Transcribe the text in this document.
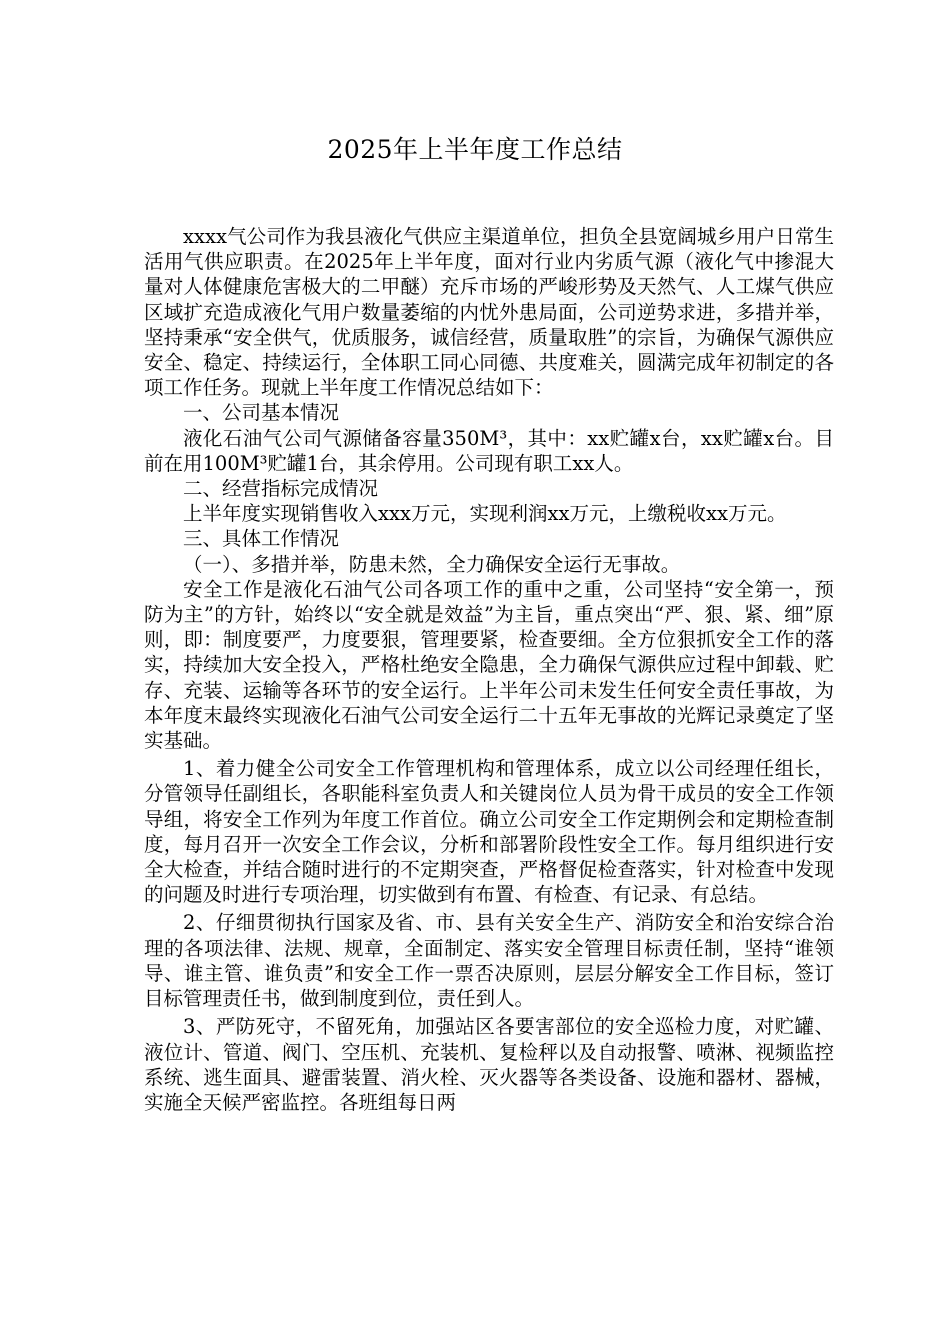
2025年上半年度工作总结

xxxx气公司作为我县液化气供应主渠道单位，担负全县宽阔城乡用户日常生活用气供应职责。在2025年上半年度，面对行业内劣质气源（液化气中掺混大量对人体健康危害极大的二甲醚）充斥市场的严峻形势及天然气、人工煤气供应区域扩充造成液化气用户数量萎缩的内忧外患局面，公司逆势求进，多措并举，坚持秉承“安全供气，优质服务，诚信经营，质量取胜”的宗旨，为确保气源供应安全、稳定、持续运行，全体职工同心同德、共度难关，圆满完成年初制定的各项工作任务。现就上半年度工作情况总结如下：

一、公司基本情况

液化石油气公司气源储备容量350M³，其中：xx贮罐x台，xx贮罐x台。目前在用100M³贮罐1台，其余停用。公司现有职工xx人。

二、经营指标完成情况

上半年度实现销售收入xxx万元，实现利润xx万元，上缴税收xx万元。

三、具体工作情况

（一）、多措并举，防患未然，全力确保安全运行无事故。

安全工作是液化石油气公司各项工作的重中之重，公司坚持“安全第一，预防为主”的方针，始终以“安全就是效益”为主旨，重点突出“严、狠、紧、细”原则，即：制度要严，力度要狠，管理要紧，检查要细。全方位狠抓安全工作的落实，持续加大安全投入，严格杜绝安全隐患，全力确保气源供应过程中卸载、贮存、充装、运输等各环节的安全运行。上半年公司未发生任何安全责任事故，为本年度末最终实现液化石油气公司安全运行二十五年无事故的光辉记录奠定了坚实基础。

1、着力健全公司安全工作管理机构和管理体系，成立以公司经理任组长，分管领导任副组长，各职能科室负责人和关键岗位人员为骨干成员的安全工作领导组，将安全工作列为年度工作首位。确立公司安全工作定期例会和定期检查制度，每月召开一次安全工作会议，分析和部署阶段性安全工作。每月组织进行安全大检查，并结合随时进行的不定期突查，严格督促检查落实，针对检查中发现的问题及时进行专项治理，切实做到有布置、有检查、有记录、有总结。

2、仔细贯彻执行国家及省、市、县有关安全生产、消防安全和治安综合治理的各项法律、法规、规章，全面制定、落实安全管理目标责任制，坚持“谁领导、谁主管、谁负责”和安全工作一票否决原则，层层分解安全工作目标，签订目标管理责任书，做到制度到位，责任到人。

3、严防死守，不留死角，加强站区各要害部位的安全巡检力度，对贮罐、液位计、管道、阀门、空压机、充装机、复检秤以及自动报警、喷淋、视频监控系统、逃生面具、避雷装置、消火栓、灭火器等各类设备、设施和器材、器械，实施全天候严密监控。各班组每日两
